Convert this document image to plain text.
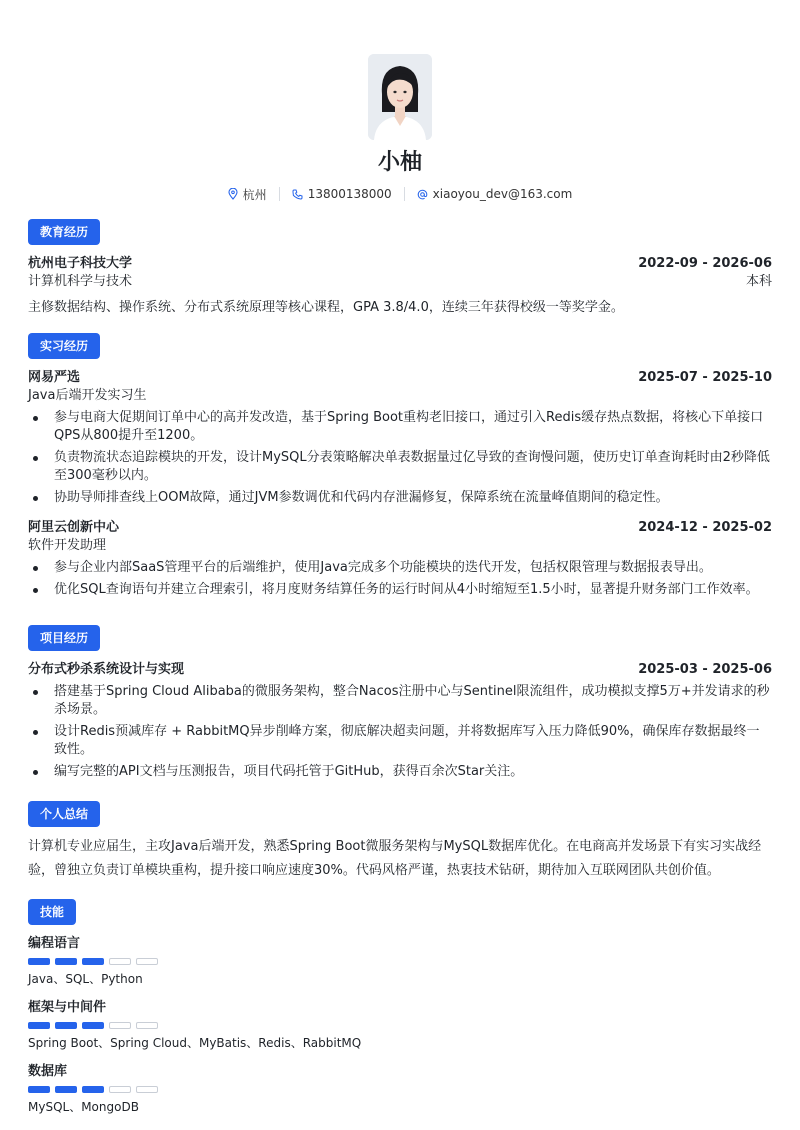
小柚
杭州	13800138000	xiaoyou_dev@163.com
教育经历
杭州电子科技大学	2022-09 - 2026-06
计算机科学与技术	本科
主修数据结构、操作系统、分布式系统原理等核心课程，GPA 3.8/4.0，连续三年获得校级一等奖学金。
实习经历
网易严选	2025-07 - 2025-10
Java后端开发实习生
参与电商大促期间订单中心的高并发改造，基于Spring Boot重构老旧接口，通过引入Redis缓存热点数据，将核心下单接口QPS从800提升至1200。
负责物流状态追踪模块的开发，设计MySQL分表策略解决单表数据量过亿导致的查询慢问题，使历史订单查询耗时由2秒降低至300毫秒以内。
协助导师排查线上OOM故障，通过JVM参数调优和代码内存泄漏修复，保障系统在流量峰值期间的稳定性。
阿里云创新中心	2024-12 - 2025-02
软件开发助理
参与企业内部SaaS管理平台的后端维护，使用Java完成多个功能模块的迭代开发，包括权限管理与数据报表导出。
优化SQL查询语句并建立合理索引，将月度财务结算任务的运行时间从4小时缩短至1.5小时，显著提升财务部门工作效率。
项目经历
分布式秒杀系统设计与实现	2025-03 - 2025-06
搭建基于Spring Cloud Alibaba的微服务架构，整合Nacos注册中心与Sentinel限流组件，成功模拟支撑5万+并发请求的秒杀场景。
设计Redis预减库存 + RabbitMQ异步削峰方案，彻底解决超卖问题，并将数据库写入压力降低90%，确保库存数据最终一致性。
编写完整的API文档与压测报告，项目代码托管于GitHub，获得百余次Star关注。
个人总结
计算机专业应届生，主攻Java后端开发，熟悉Spring Boot微服务架构与MySQL数据库优化。在电商高并发场景下有实习实战经验，曾独立负责订单模块重构，提升接口响应速度30%。代码风格严谨，热衷技术钻研，期待加入互联网团队共创价值。
技能
编程语言
Java、SQL、Python
框架与中间件
Spring Boot、Spring Cloud、MyBatis、Redis、RabbitMQ
数据库
MySQL、MongoDB
